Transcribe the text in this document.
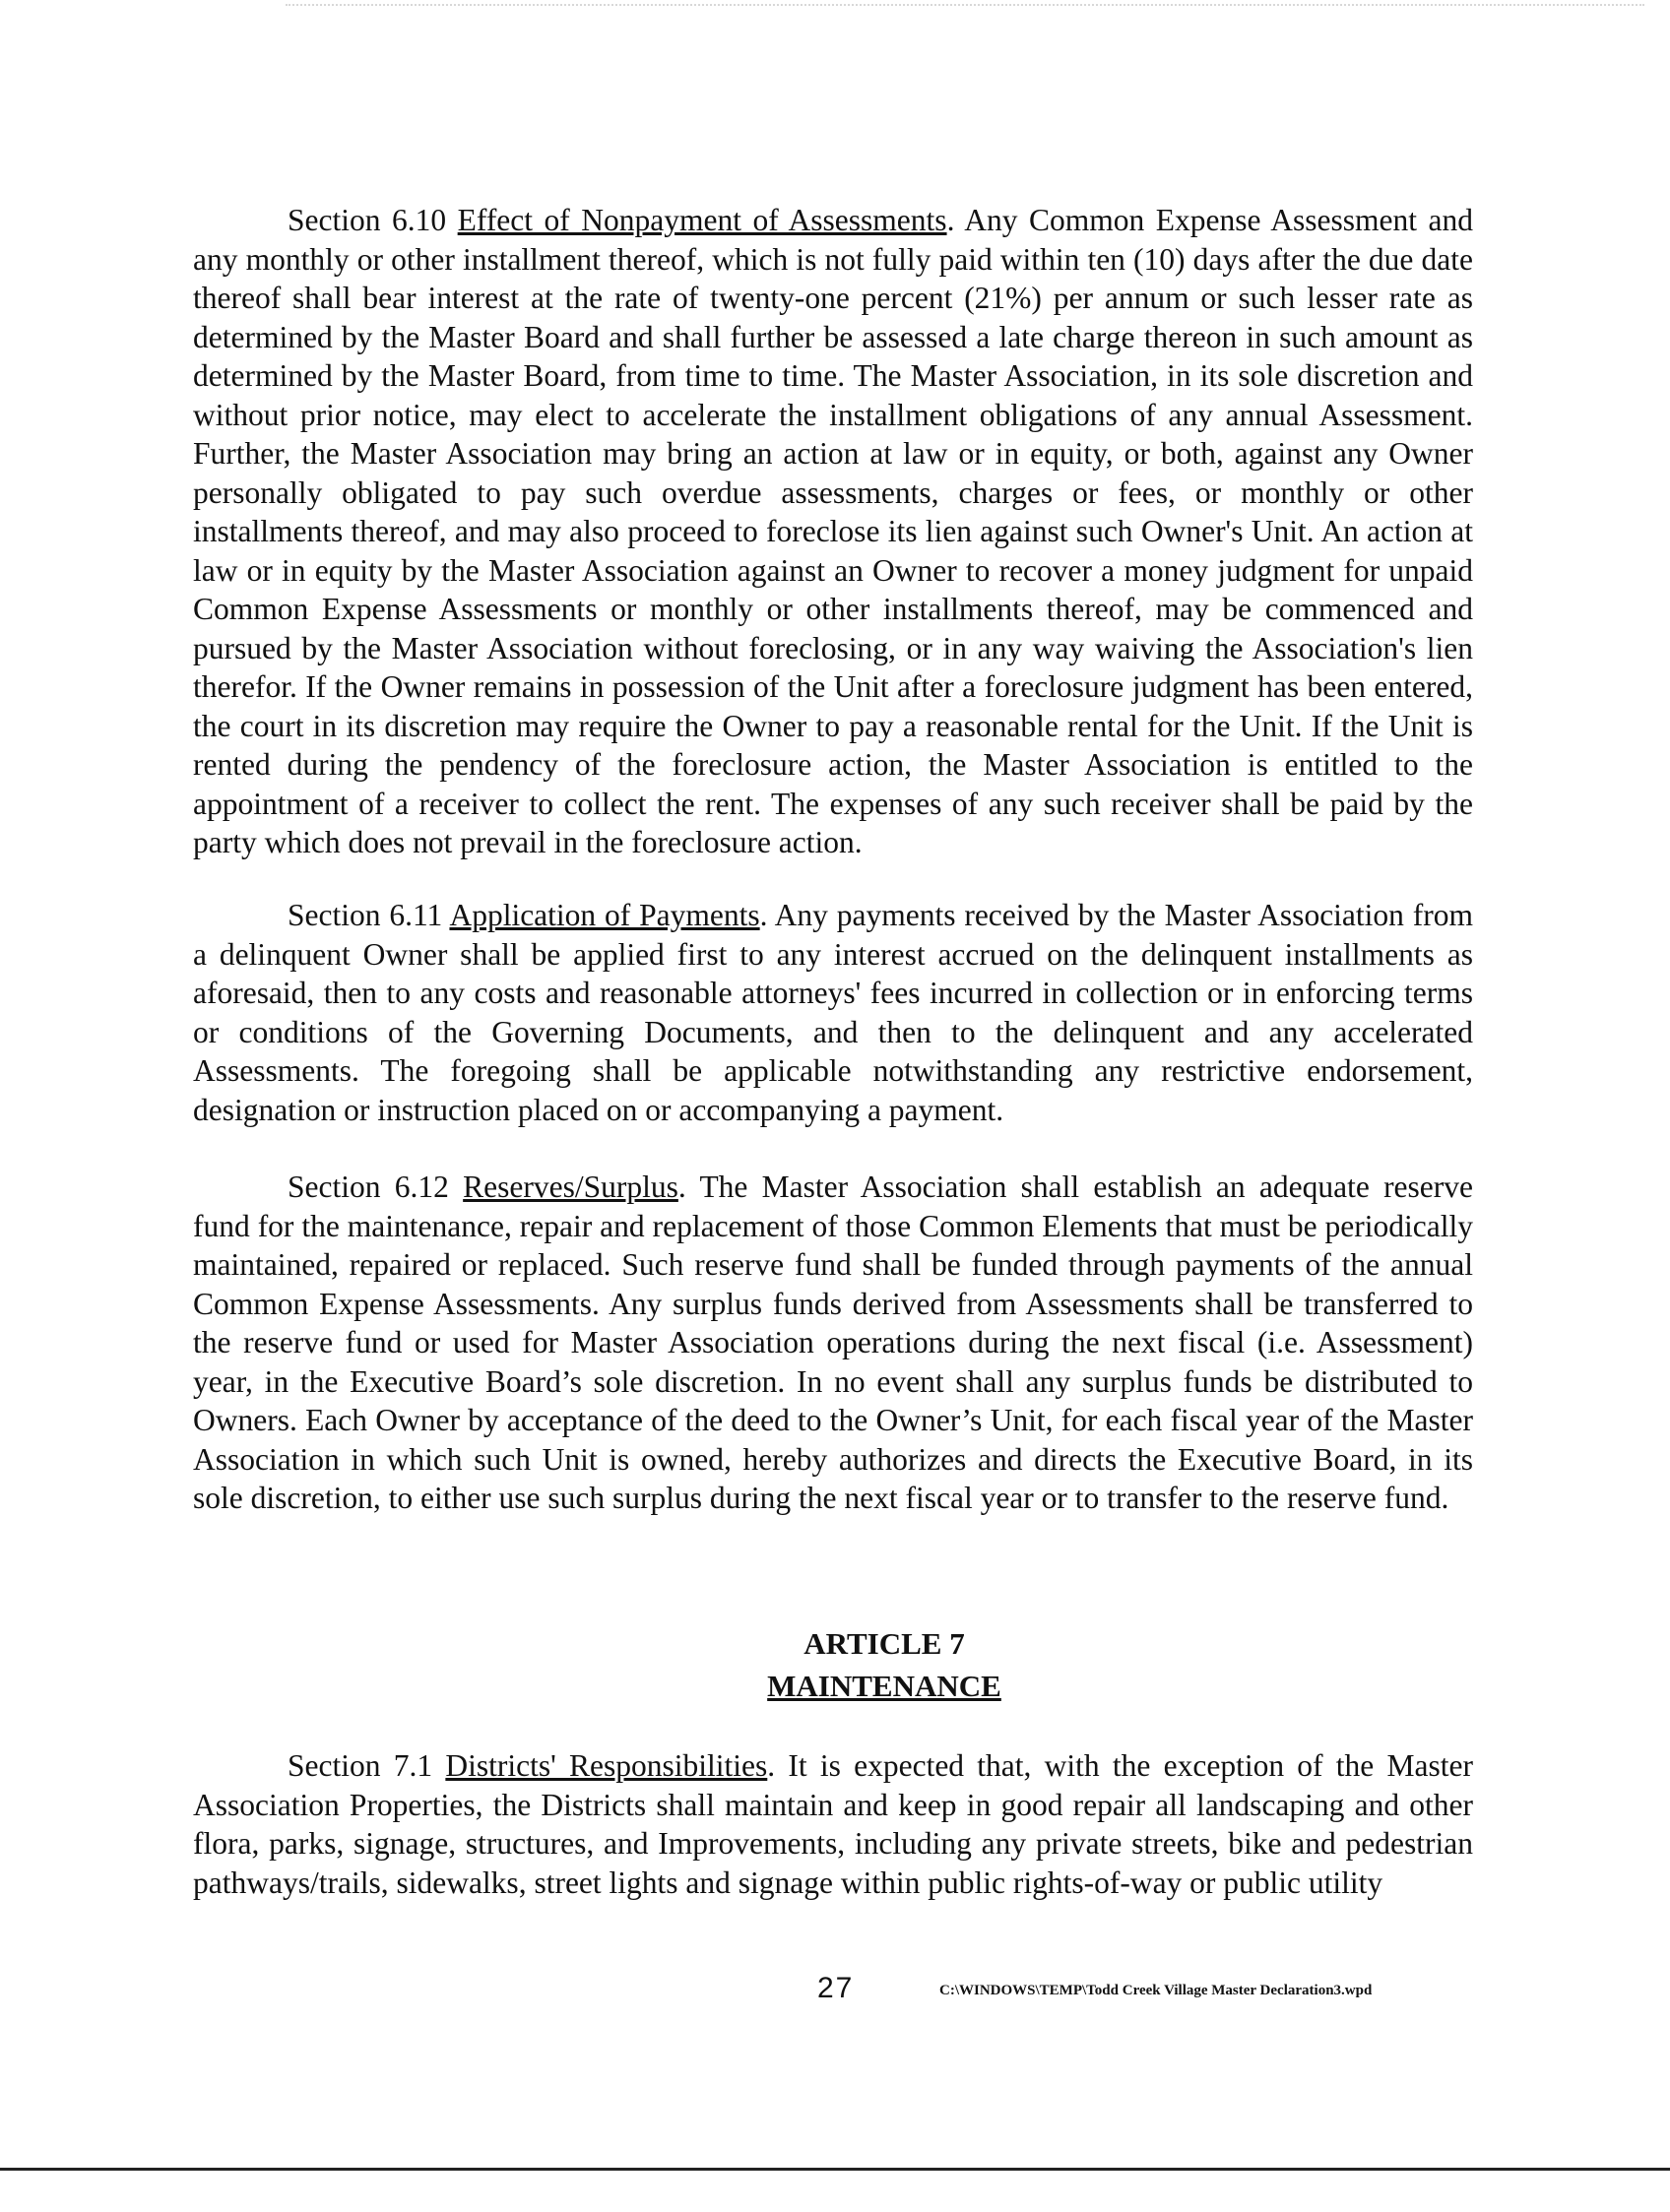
Section 6.10 Effect of Nonpayment of Assessments. Any Common Expense Assessment and any monthly or other installment thereof, which is not fully paid within ten (10) days after the due date thereof shall bear interest at the rate of twenty-one percent (21%) per annum or such lesser rate as determined by the Master Board and shall further be assessed a late charge thereon in such amount as determined by the Master Board, from time to time. The Master Association, in its sole discretion and without prior notice, may elect to accelerate the installment obligations of any annual Assessment. Further, the Master Association may bring an action at law or in equity, or both, against any Owner personally obligated to pay such overdue assessments, charges or fees, or monthly or other installments thereof, and may also proceed to foreclose its lien against such Owner's Unit. An action at law or in equity by the Master Association against an Owner to recover a money judgment for unpaid Common Expense Assessments or monthly or other installments thereof, may be commenced and pursued by the Master Association without foreclosing, or in any way waiving the Association's lien therefor. If the Owner remains in possession of the Unit after a foreclosure judgment has been entered, the court in its discretion may require the Owner to pay a reasonable rental for the Unit. If the Unit is rented during the pendency of the foreclosure action, the Master Association is entitled to the appointment of a receiver to collect the rent. The expenses of any such receiver shall be paid by the party which does not prevail in the foreclosure action.

Section 6.11 Application of Payments. Any payments received by the Master Association from a delinquent Owner shall be applied first to any interest accrued on the delinquent installments as aforesaid, then to any costs and reasonable attorneys' fees incurred in collection or in enforcing terms or conditions of the Governing Documents, and then to the delinquent and any accelerated Assessments. The foregoing shall be applicable notwithstanding any restrictive endorsement, designation or instruction placed on or accompanying a payment.

Section 6.12 Reserves/Surplus. The Master Association shall establish an adequate reserve fund for the maintenance, repair and replacement of those Common Elements that must be periodically maintained, repaired or replaced. Such reserve fund shall be funded through payments of the annual Common Expense Assessments. Any surplus funds derived from Assessments shall be transferred to the reserve fund or used for Master Association operations during the next fiscal (i.e. Assessment) year, in the Executive Board’s sole discretion. In no event shall any surplus funds be distributed to Owners. Each Owner by acceptance of the deed to the Owner’s Unit, for each fiscal year of the Master Association in which such Unit is owned, hereby authorizes and directs the Executive Board, in its sole discretion, to either use such surplus during the next fiscal year or to transfer to the reserve fund.

ARTICLE 7
MAINTENANCE

Section 7.1 Districts' Responsibilities. It is expected that, with the exception of the Master Association Properties, the Districts shall maintain and keep in good repair all landscaping and other flora, parks, signage, structures, and Improvements, including any private streets, bike and pedestrian pathways/trails, sidewalks, street lights and signage within public rights-of-way or public utility

27	C:\WINDOWS\TEMP\Todd Creek Village Master Declaration3.wpd
